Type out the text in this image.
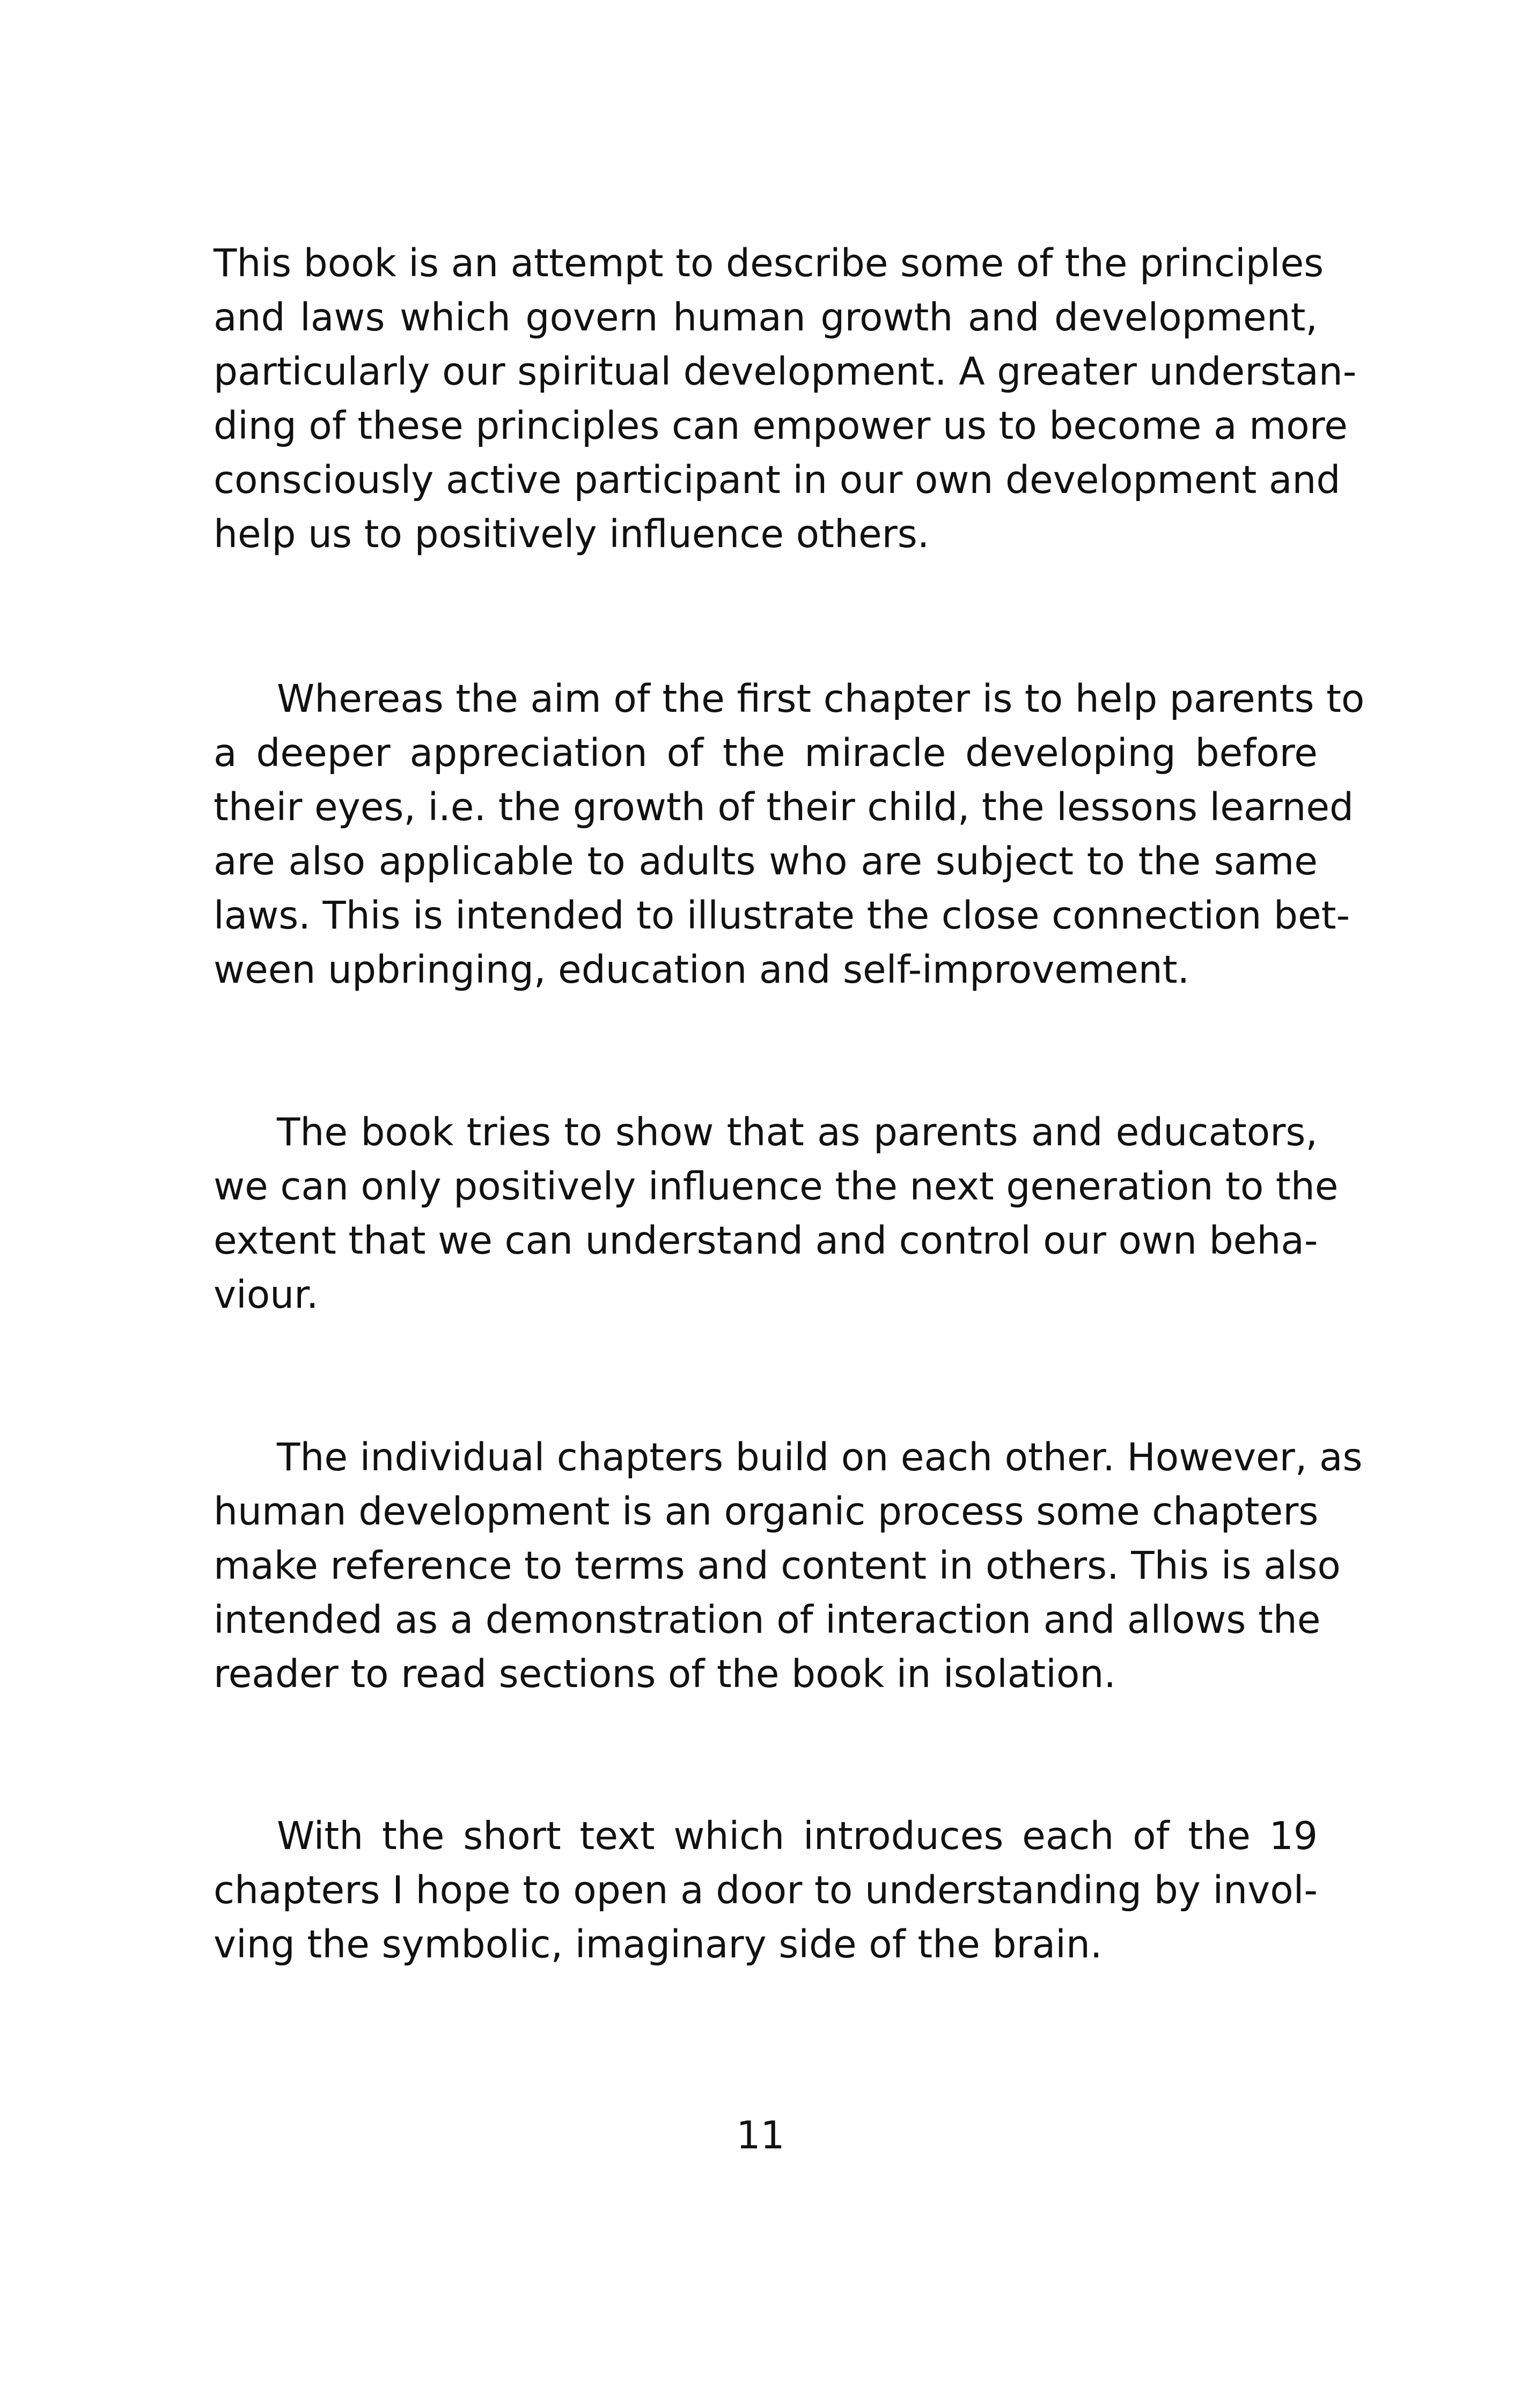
This book is an attempt to describe some of the principles
and laws which govern human growth and development,
particularly our spiritual development. A greater understan-
ding of these principles can empower us to become a more
consciously active participant in our own development and
help us to positively influence others.

Whereas the aim of the first chapter is to help parents to
a deeper appreciation of the miracle developing before
their eyes, i.e. the growth of their child, the lessons learned
are also applicable to adults who are subject to the same
laws. This is intended to illustrate the close connection bet-
ween upbringing, education and self-improvement.

The book tries to show that as parents and educators,
we can only positively influence the next generation to the
extent that we can understand and control our own beha-
viour.

The individual chapters build on each other. However, as
human development is an organic process some chapters
make reference to terms and content in others. This is also
intended as a demonstration of interaction and allows the
reader to read sections of the book in isolation.

With the short text which introduces each of the 19
chapters I hope to open a door to understanding by invol-
ving the symbolic, imaginary side of the brain.

11
